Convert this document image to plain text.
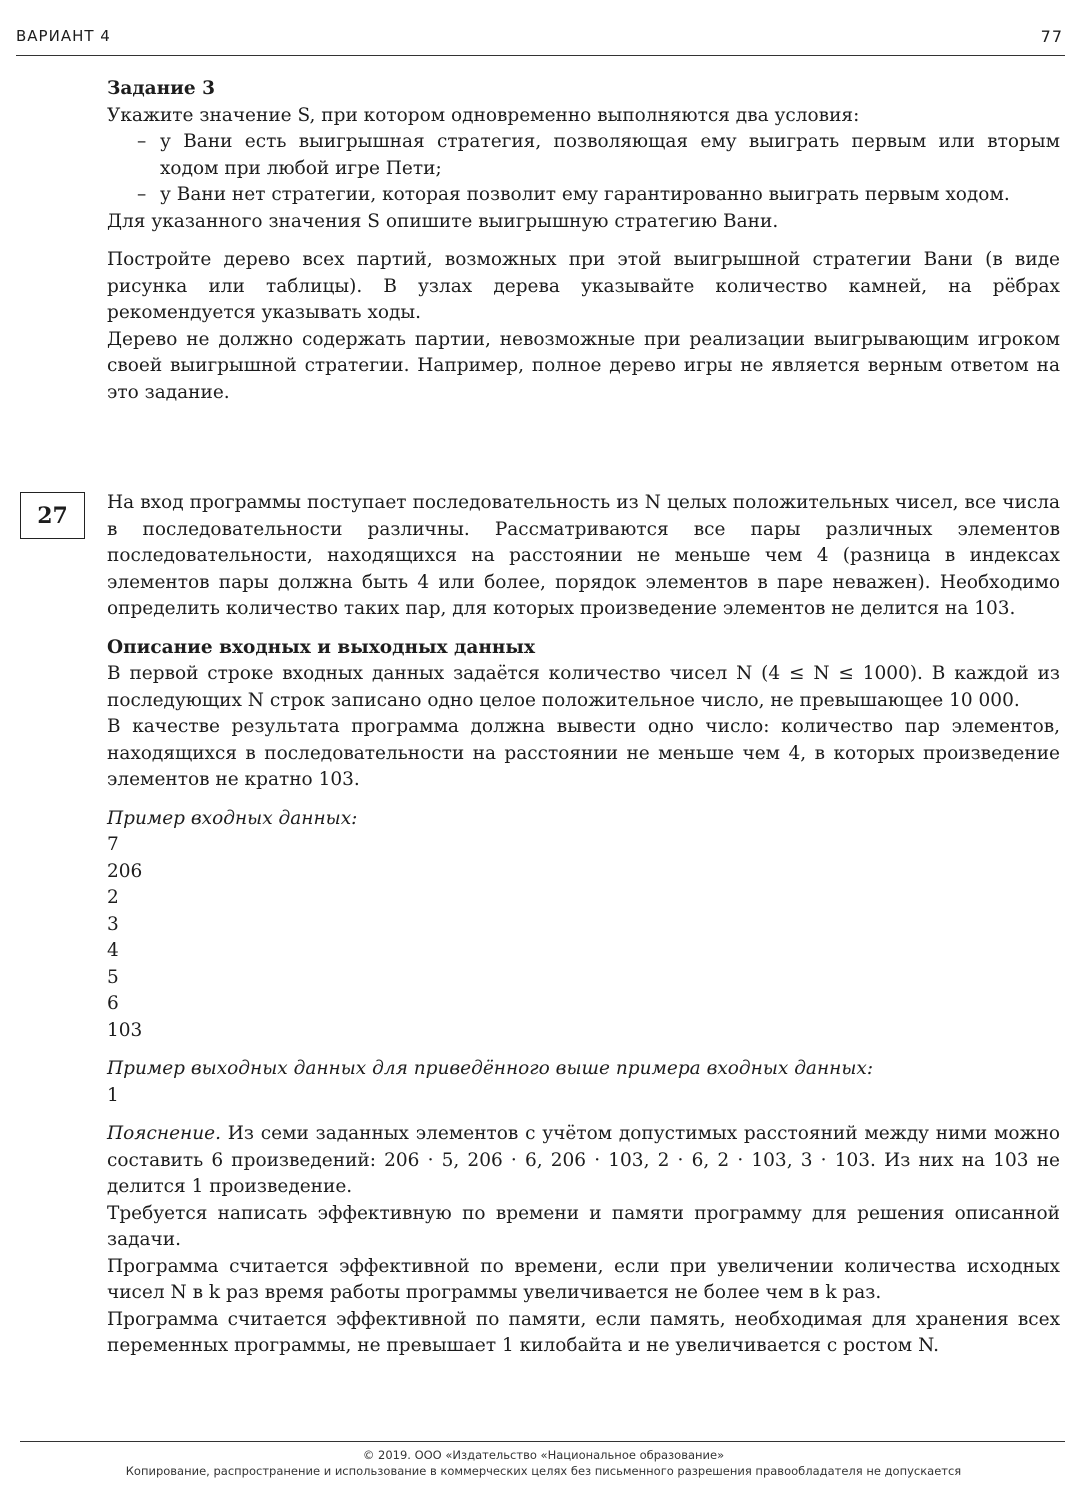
ВАРИАНТ 4	77

Задание 3

Укажите значение S, при котором одновременно выполняются два условия:

– у Вани есть выигрышная стратегия, позволяющая ему выиграть первым или вторым ходом при любой игре Пети;
– у Вани нет стратегии, которая позволит ему гарантированно выиграть первым ходом.

Для указанного значения S опишите выигрышную стратегию Вани.

Постройте дерево всех партий, возможных при этой выигрышной стратегии Вани (в виде рисунка или таблицы). В узлах дерева указывайте количество камней, на рёбрах рекомендуется указывать ходы.

Дерево не должно содержать партии, невозможные при реализации выигрывающим игроком своей выигрышной стратегии. Например, полное дерево игры не является верным ответом на это задание.

27	На вход программы поступает последовательность из N целых положительных чисел, все числа в последовательности различны. Рассматриваются все пары различных элементов последовательности, находящихся на расстоянии не меньше чем 4 (разница в индексах элементов пары должна быть 4 или более, порядок элементов в паре неважен). Необходимо определить количество таких пар, для которых произведение элементов не делится на 103.

Описание входных и выходных данных

В первой строке входных данных задаётся количество чисел N (4 ≤ N ≤ 1000). В каждой из последующих N строк записано одно целое положительное число, не превышающее 10 000.

В качестве результата программа должна вывести одно число: количество пар элементов, находящихся в последовательности на расстоянии не меньше чем 4, в которых произведение элементов не кратно 103.

Пример входных данных:

7
206
2
3
4
5
6
103

Пример выходных данных для приведённого выше примера входных данных:

1

Пояснение. Из семи заданных элементов с учётом допустимых расстояний между ними можно составить 6 произведений: 206 · 5, 206 · 6, 206 · 103, 2 · 6, 2 · 103, 3 · 103. Из них на 103 не делится 1 произведение.

Требуется написать эффективную по времени и памяти программу для решения описанной задачи.

Программа считается эффективной по времени, если при увеличении количества исходных чисел N в k раз время работы программы увеличивается не более чем в k раз.

Программа считается эффективной по памяти, если память, необходимая для хранения всех переменных программы, не превышает 1 килобайта и не увеличивается с ростом N.

© 2019. ООО «Издательство «Национальное образование»
Копирование, распространение и использование в коммерческих целях без письменного разрешения правообладателя не допускается
